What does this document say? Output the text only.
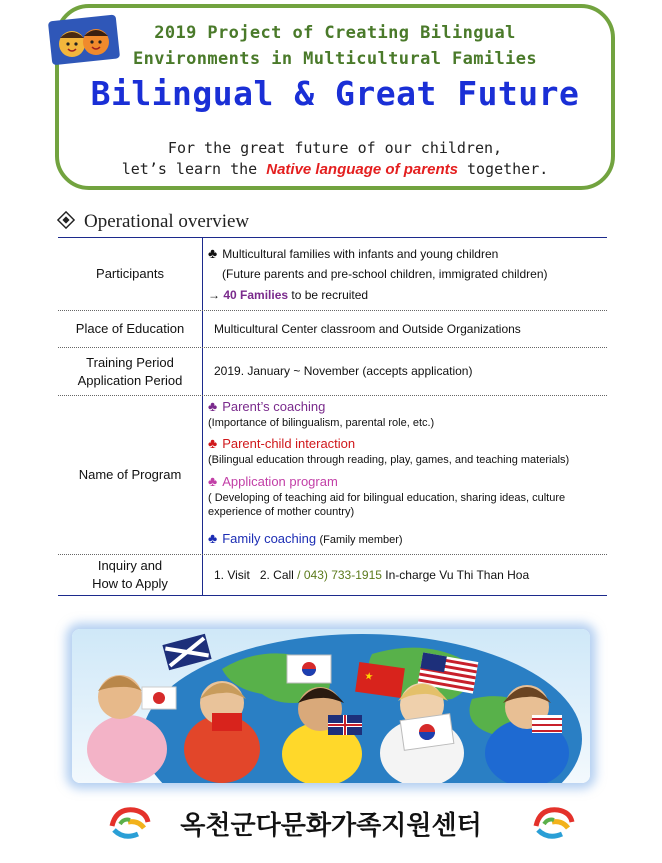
2019 Project of Creating Bilingual
Environments in Multicultural Families
Bilingual & Great Future
For the great future of our children,
let’s learn the Native language of parents together.
Operational overview
Participants
♣ Multicultural families with infants and young children
(Future parents and pre-school children, immigrated children)
→ 40 Families to be recruited
Place of Education	Multicultural Center classroom and Outside Organizations
Training Period
Application Period
2019. January ~ November (accepts application)
Name of Program
♣ Parent’s coaching
(Importance of bilingualism, parental role, etc.)
♣ Parent-child interaction
(Bilingual education through reading, play, games, and teaching materials)
♣ Application program
( Developing of teaching aid for bilingual education, sharing ideas, culture
experience of mother country)
♣ Family coaching (Family member)
Inquiry and
How to Apply
1. Visit 2. Call / 043) 733-1915 In-charge Vu Thi Than Hoa
★
옥천군다문화가족지원센터
